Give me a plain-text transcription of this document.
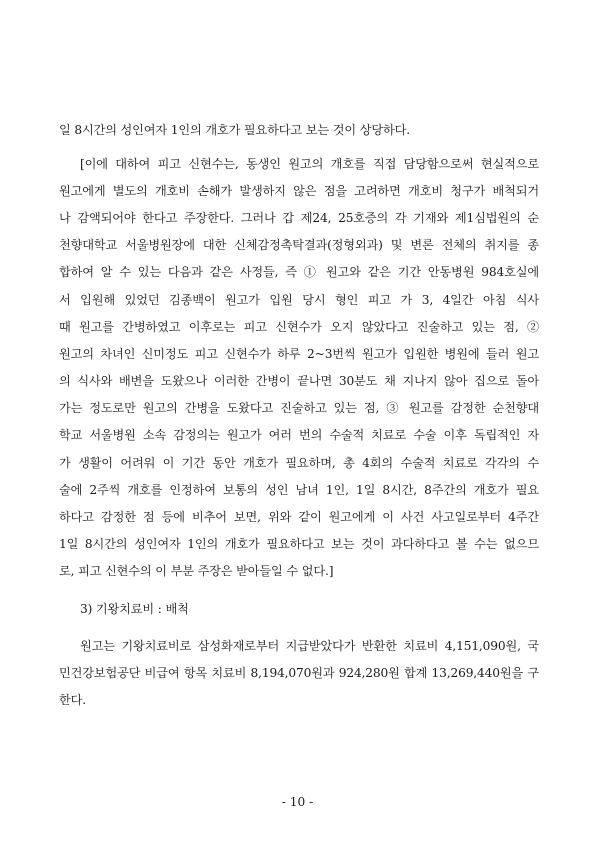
일 8시간의 성인여자 1인의 개호가 필요하다고 보는 것이 상당하다.
[이에 대하여 피고 신현수는, 동생인 원고의 개호를 직접 담당함으로써 현실적으로
원고에게 별도의 개호비 손해가 발생하지 않은 점을 고려하면 개호비 청구가 배척되거
나 감액되어야 한다고 주장한다. 그러나 갑 제24, 25호증의 각 기재와 제1심법원의 순
천향대학교 서울병원장에 대한 신체감정촉탁결과(정형외과) 및 변론 전체의 취지를 종
합하여 알 수 있는 다음과 같은 사정들, 즉 ① 원고와 같은 기간 안동병원 984호실에
서 입원해 있었던 김종백이 원고가 입원 당시 형인 피고 가 3, 4일간 아침 식사
때 원고를 간병하였고 이후로는 피고 신현수가 오지 않았다고 진술하고 있는 점, ②
원고의 차녀인 신미정도 피고 신현수가 하루 2~3번씩 원고가 입원한 병원에 들러 원고
의 식사와 배변을 도왔으나 이러한 간병이 끝나면 30분도 채 지나지 않아 집으로 돌아
가는 정도로만 원고의 간병을 도왔다고 진술하고 있는 점, ③ 원고를 감정한 순천향대
학교 서울병원 소속 감정의는 원고가 여러 번의 수술적 치료로 수술 이후 독립적인 자
가 생활이 어려워 이 기간 동안 개호가 필요하며, 총 4회의 수술적 치료로 각각의 수
술에 2주씩 개호를 인정하여 보통의 성인 남녀 1인, 1일 8시간, 8주간의 개호가 필요
하다고 감정한 점 등에 비추어 보면, 위와 같이 원고에게 이 사건 사고일로부터 4주간
1일 8시간의 성인여자 1인의 개호가 필요하다고 보는 것이 과다하다고 볼 수는 없으므
로, 피고 신현수의 이 부분 주장은 받아들일 수 없다.]
3) 기왕치료비 : 배척
원고는 기왕치료비로 삼성화재로부터 지급받았다가 반환한 치료비 4,151,090원, 국
민건강보험공단 비급여 항목 치료비 8,194,070원과 924,280원 합계 13,269,440원을 구
한다.
- 10 -
